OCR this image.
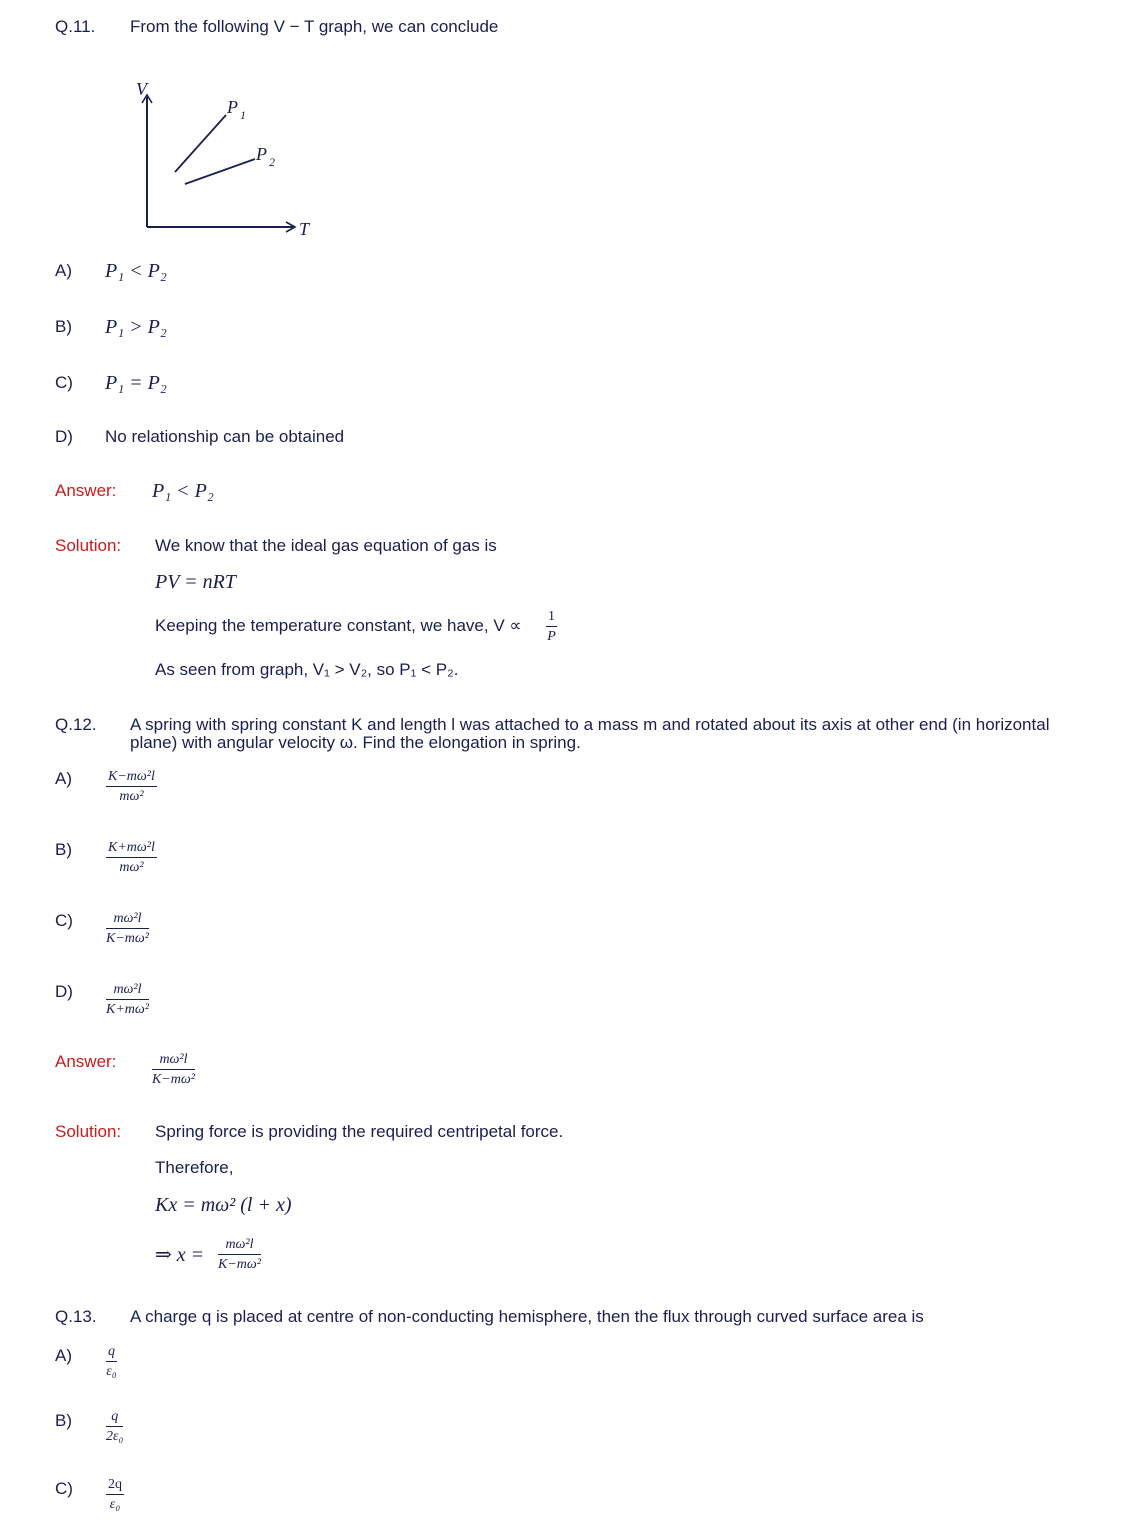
Q.11. From the following V − T graph, we can conclude
V
T
P 1
P 2
A) P₁ < P₂
B) P₁ > P₂
C) P₁ = P₂
D) No relationship can be obtained
Answer: P₁ < P₂
Solution: We know that the ideal gas equation of gas is
PV = nRT
Keeping the temperature constant, we have, $V \propto \frac{1}{P}$
As seen from graph, V₁ > V₂, so P₁ < P₂.
Q.12. A spring with spring constant K and length l was attached to a mass m and rotated about its axis at other end (in horizontal
plane) with angular velocity ω. Find the elongation in spring.
$A) \frac{\text{K−mω²l}}{\text{mω²}}$
$B) \frac{\text{K+mω²l}}{\text{mω²}}$
$C) \frac{\text{mω²l}}{\text{K−mω²}}$
$D) \frac{\text{mω²l}}{\text{K+mω²}}$
Answer:	$\frac{\text{mω²l}}{\text{K−mω²}}$
Solution: Spring force is providing the required centripetal force.
Therefore,
Kx = mω² (l + x)
⇒ $x = \frac{\text{mω²l}}{\text{K−mω²}}$
Q.13. A charge q is placed at centre of non-conducting hemisphere, then the flux through curved surface area is
$A) \frac{q}{\text{ε₀}}$
$B) \frac{q}{\text{2ε₀}}$
$C) \frac{2q}{\text{ε₀}}$
